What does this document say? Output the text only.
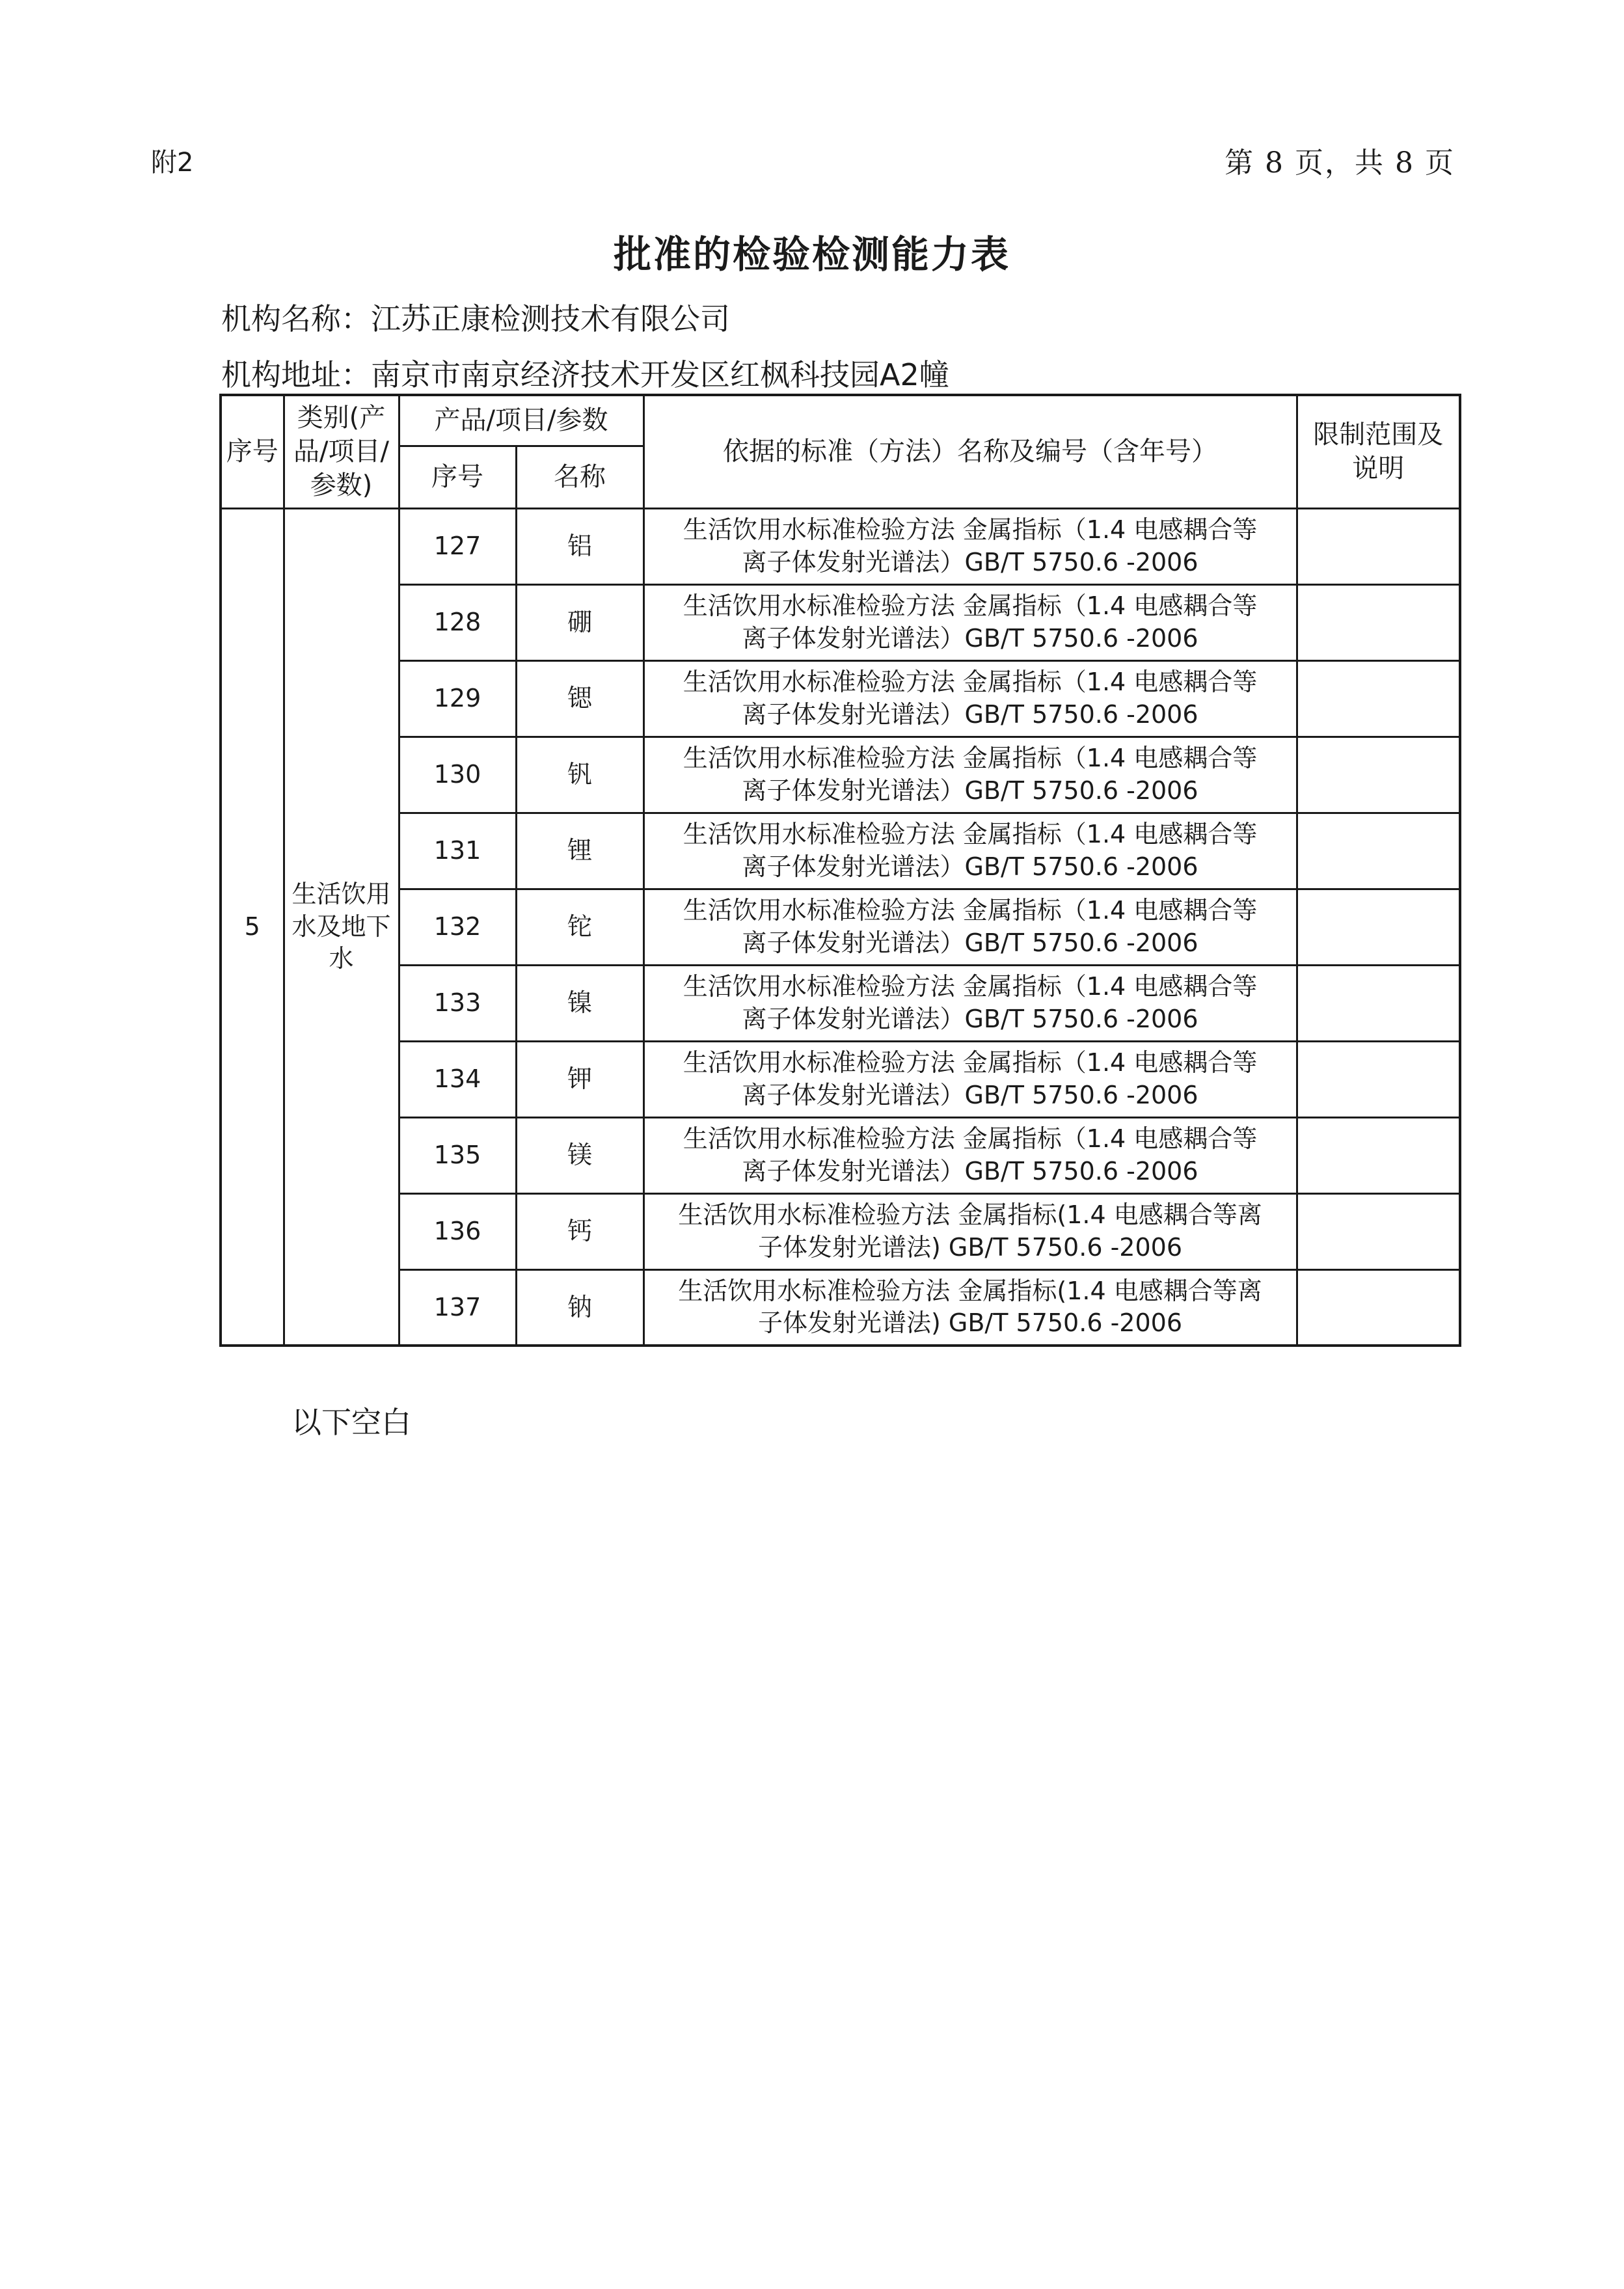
附2	第 8 页，共 8 页
批准的检验检测能力表
机构名称：江苏正康检测技术有限公司
机构地址：南京市南京经济技术开发区红枫科技园A2幢
序号	类别(产品/项目/参数)	产品/项目/参数		依据的标准（方法）名称及编号（含年号）	限制范围及说明
		序号	名称		
5	生活饮用水及地下水	127	铝	生活饮用水标准检验方法 金属指标（1.4 电感耦合等
离子体发射光谱法）GB/T 5750.6 -2006	

		128	硼	生活饮用水标准检验方法 金属指标（1.4 电感耦合等
离子体发射光谱法）GB/T 5750.6 -2006	

		129	锶	生活饮用水标准检验方法 金属指标（1.4 电感耦合等
离子体发射光谱法）GB/T 5750.6 -2006	

		130	钒	生活饮用水标准检验方法 金属指标（1.4 电感耦合等
离子体发射光谱法）GB/T 5750.6 -2006	

		131	锂	生活饮用水标准检验方法 金属指标（1.4 电感耦合等
离子体发射光谱法）GB/T 5750.6 -2006	

		132	铊	生活饮用水标准检验方法 金属指标（1.4 电感耦合等
离子体发射光谱法）GB/T 5750.6 -2006	

		133	镍	生活饮用水标准检验方法 金属指标（1.4 电感耦合等
离子体发射光谱法）GB/T 5750.6 -2006	

		134	钾	生活饮用水标准检验方法 金属指标（1.4 电感耦合等
离子体发射光谱法）GB/T 5750.6 -2006	

		135	镁	生活饮用水标准检验方法 金属指标（1.4 电感耦合等
离子体发射光谱法）GB/T 5750.6 -2006	

		136	钙	生活饮用水标准检验方法 金属指标(1.4 电感耦合等离
子体发射光谱法) GB/T 5750.6 -2006	

		137	钠	生活饮用水标准检验方法 金属指标(1.4 电感耦合等离
子体发射光谱法) GB/T 5750.6 -2006	

以下空白
